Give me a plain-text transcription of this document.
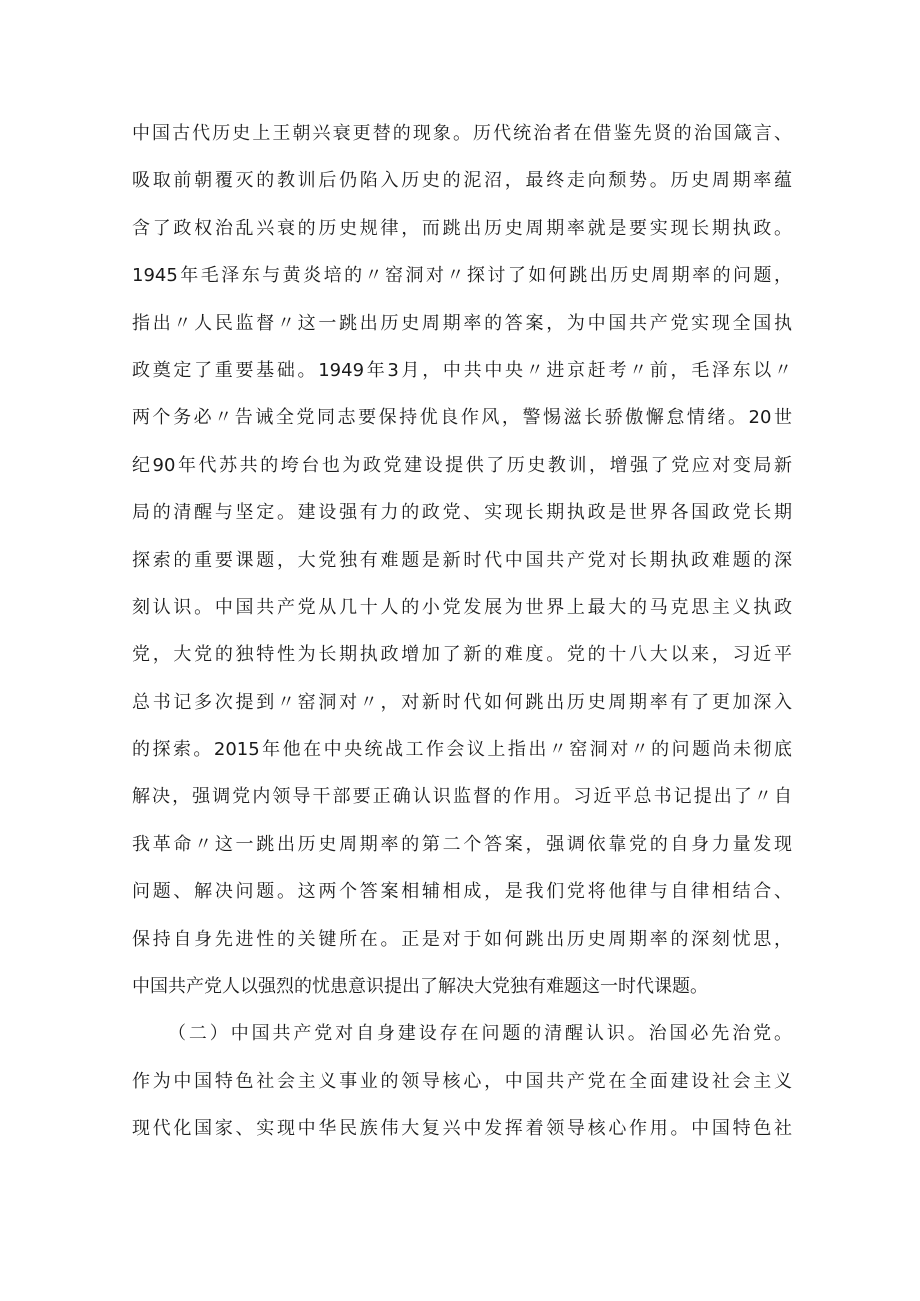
中国古代历史上王朝兴衰更替的现象。历代统治者在借鉴先贤的治国箴言、
吸取前朝覆灭的教训后仍陷入历史的泥沼，最终走向颓势。历史周期率蕴
含了政权治乱兴衰的历史规律，而跳出历史周期率就是要实现长期执政。
1945年毛泽东与黄炎培的〃窑洞对〃探讨了如何跳出历史周期率的问题，
指出〃人民监督〃这一跳出历史周期率的答案，为中国共产党实现全国执
政奠定了重要基础。1949年3月，中共中央〃进京赶考〃前，毛泽东以〃
两个务必〃告诫全党同志要保持优良作风，警惕滋长骄傲懈怠情绪。20世
纪90年代苏共的垮台也为政党建设提供了历史教训，增强了党应对变局新
局的清醒与坚定。建设强有力的政党、实现长期执政是世界各国政党长期
探索的重要课题，大党独有难题是新时代中国共产党对长期执政难题的深
刻认识。中国共产党从几十人的小党发展为世界上最大的马克思主义执政
党，大党的独特性为长期执政增加了新的难度。党的十八大以来，习近平
总书记多次提到〃窑洞对〃，对新时代如何跳出历史周期率有了更加深入
的探索。2015年他在中央统战工作会议上指出〃窑洞对〃的问题尚未彻底
解决，强调党内领导干部要正确认识监督的作用。习近平总书记提出了〃自
我革命〃这一跳出历史周期率的第二个答案，强调依靠党的自身力量发现
问题、解决问题。这两个答案相辅相成，是我们党将他律与自律相结合、
保持自身先进性的关键所在。正是对于如何跳出历史周期率的深刻忧思，
中国共产党人以强烈的忧患意识提出了解决大党独有难题这一时代课题。
（二）中国共产党对自身建设存在问题的清醒认识。治国必先治党。
作为中国特色社会主义事业的领导核心，中国共产党在全面建设社会主义
现代化国家、实现中华民族伟大复兴中发挥着领导核心作用。中国特色社
